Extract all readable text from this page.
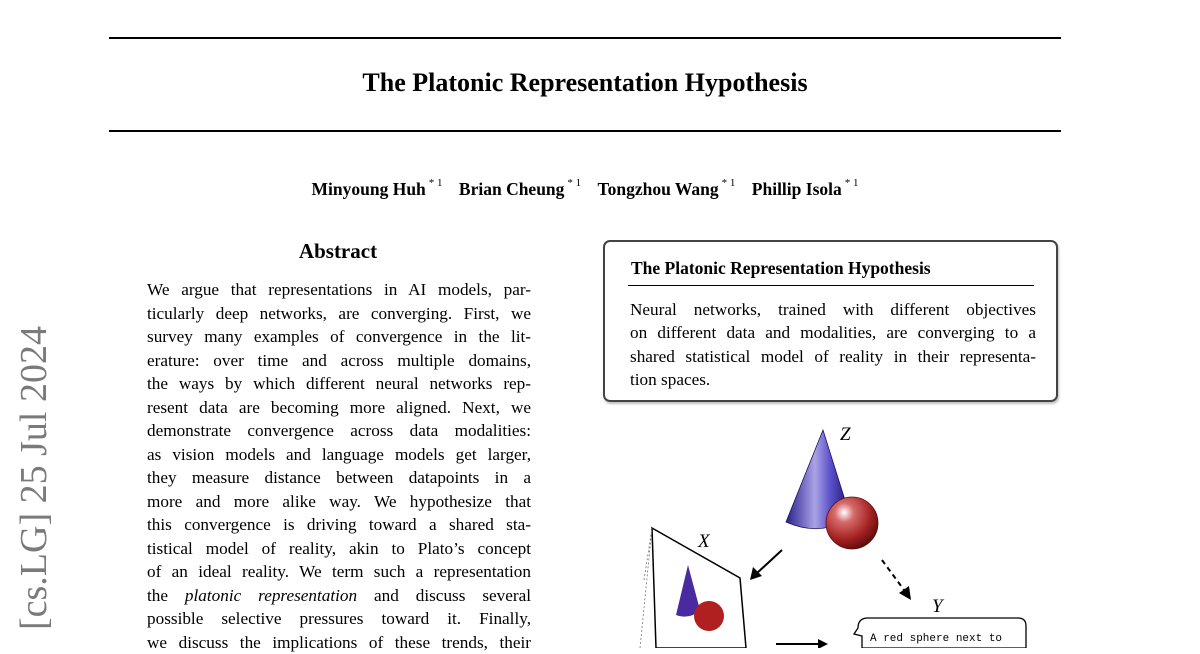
The Platonic Representation Hypothesis
Minyoung Huh $^{* 1}$ Brian Cheung $^{* 1}$ Tongzhou Wang $^{* 1}$ Phillip Isola $^{* 1}$
[cs.LG] 25 Jul 2024
Abstract
We argue that representations in AI models, par-
ticularly deep networks, are converging. First, we
survey many examples of convergence in the lit-
erature: over time and across multiple domains,
the ways by which different neural networks rep-
resent data are becoming more aligned. Next, we
demonstrate convergence across data modalities:
as vision models and language models get larger,
they measure distance between datapoints in a
more and more alike way. We hypothesize that
this convergence is driving toward a shared sta-
tistical model of reality, akin to Plato’s concept
of an ideal reality. We term such a representation
the platonic representation and discuss several
possible selective pressures toward it. Finally,
we discuss the implications of these trends, their
The Platonic Representation Hypothesis
Neural networks, trained with different objectives
on different data and modalities, are converging to a
shared statistical model of reality in their representa-
tion spaces.
Z
X
Y
A red sphere next to
